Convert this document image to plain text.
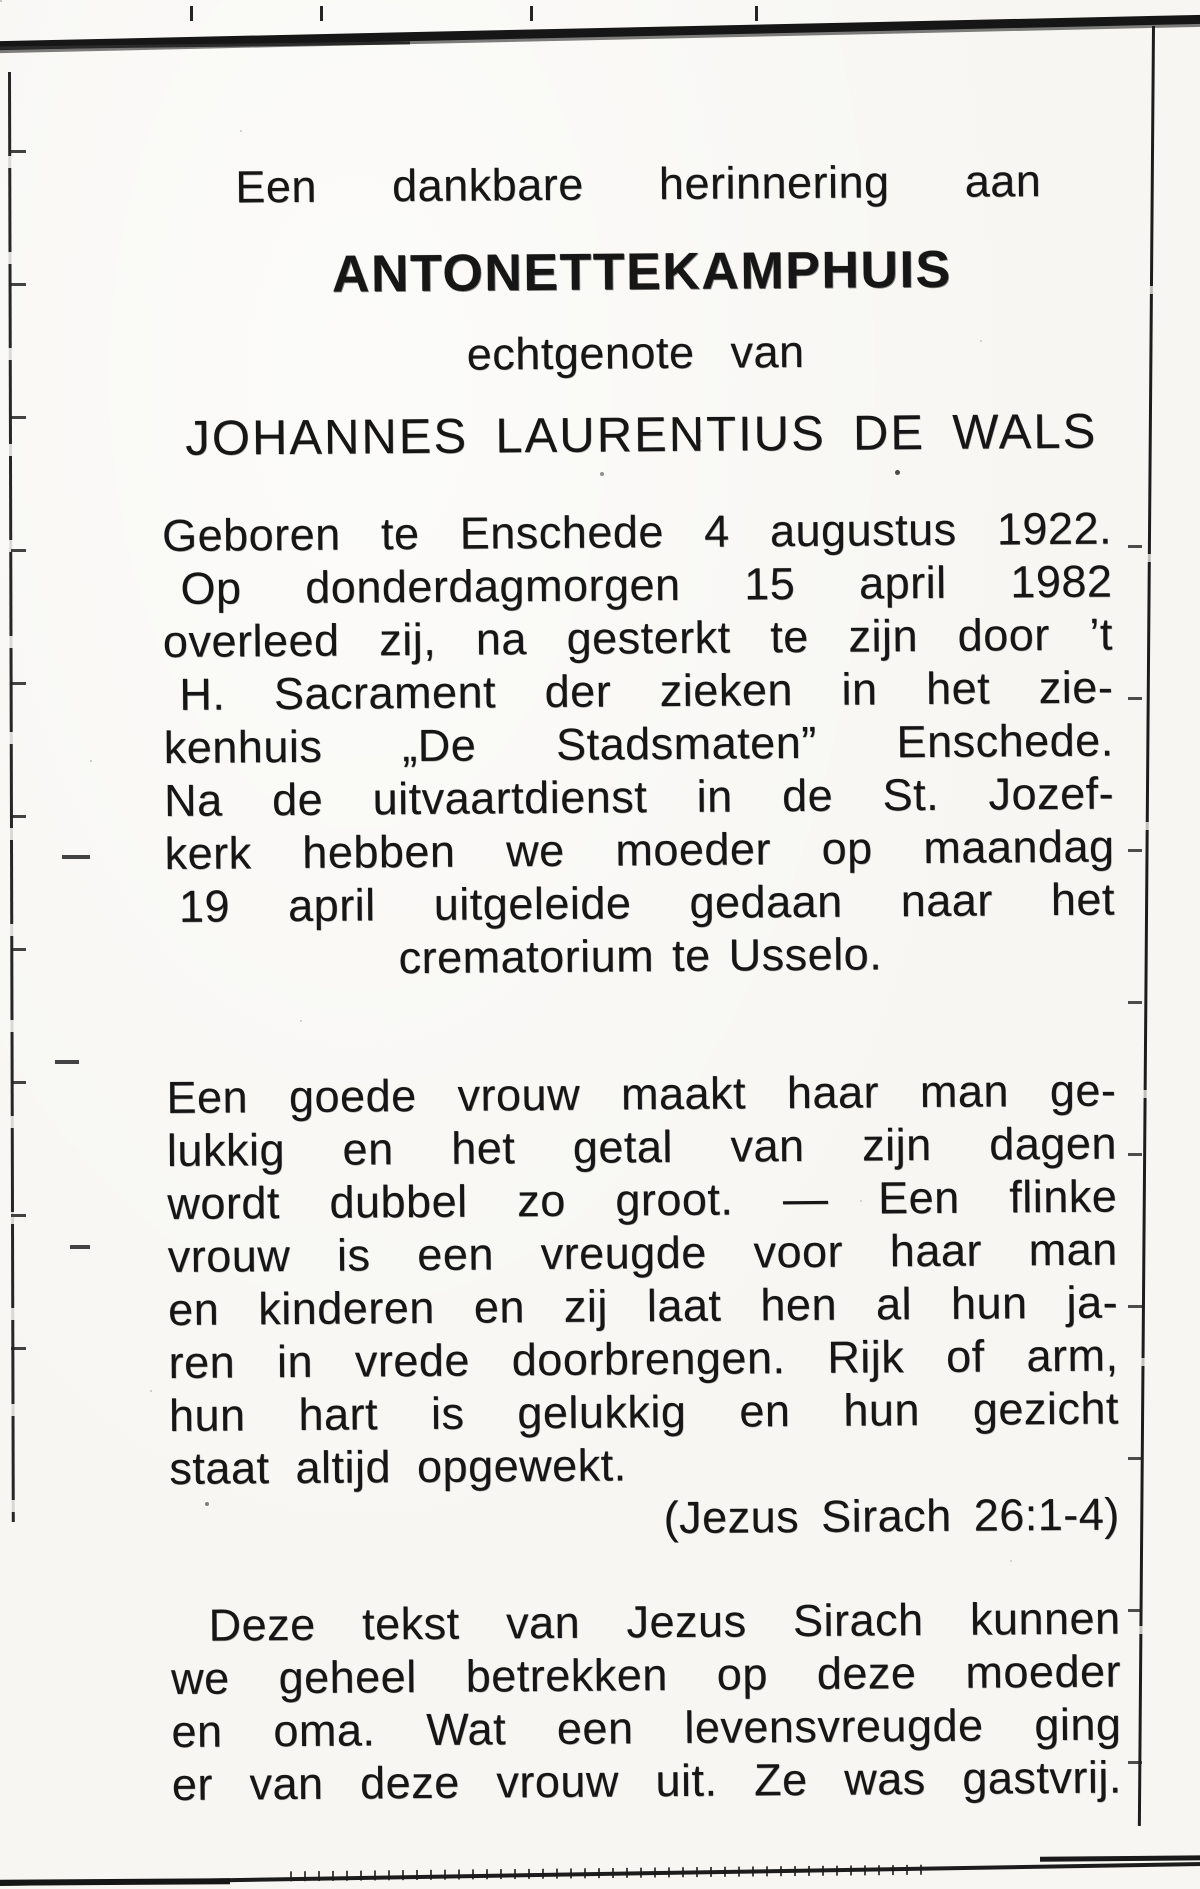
Een dankbare herinnering aan
ANTONETTE KAMPHUIS
echtgenote van
JOHANNES LAURENTIUS DE WALS
Geboren te Enschede 4 augustus 1922.
Op donderdagmorgen 15 april 1982
overleed zij, na gesterkt te zijn door ’t
H. Sacrament der zieken in het zie-
kenhuis „De Stadsmaten” Enschede.
Na de uitvaartdienst in de St. Jozef-
kerk hebben we moeder op maandag
19 april uitgeleide gedaan naar het
crematorium te Usselo.
Een goede vrouw maakt haar man ge-
lukkig en het getal van zijn dagen
wordt dubbel zo groot. — Een flinke
vrouw is een vreugde voor haar man
en kinderen en zij laat hen al hun ja-
ren in vrede doorbrengen. Rijk of arm,
hun hart is gelukkig en hun gezicht
staat altijd opgewekt.
(Jezus Sirach 26:1-4)
Deze tekst van Jezus Sirach kunnen
we geheel betrekken op deze moeder
en oma. Wat een levensvreugde ging
er van deze vrouw uit. Ze was gastvrij.
